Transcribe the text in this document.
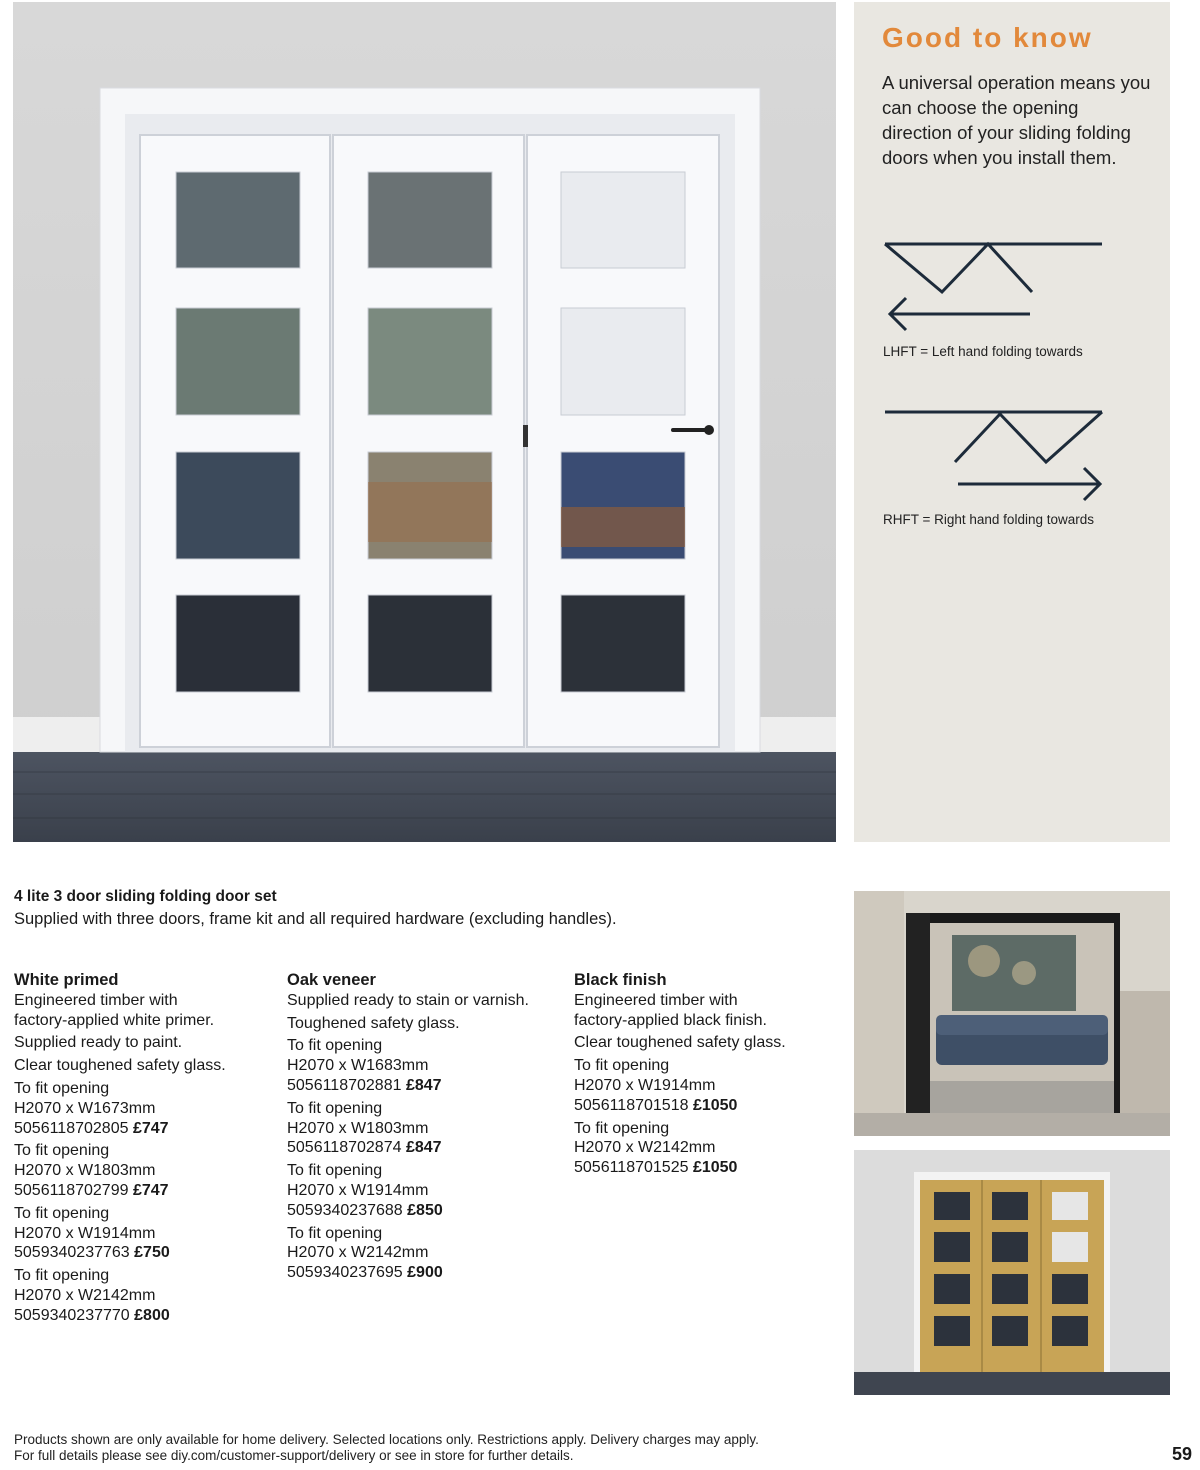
Good to know

A universal operation means you can choose the opening direction of your sliding folding doors when you install them.

LHFT = Left hand folding towards
RHFT = Right hand folding towards
4 lite 3 door sliding folding door set

Supplied with three doors, frame kit and all required hardware (excluding handles).

White primed
Engineered timber with
factory-applied white primer.
Supplied ready to paint.
Clear toughened safety glass.
To fit opening
H2070 x W1673mm
5056118702805 £747
To fit opening
H2070 x W1803mm
5056118702799 £747
To fit opening
H2070 x W1914mm
5059340237763 £750
To fit opening
H2070 x W2142mm
5059340237770 £800
Oak veneer
Supplied ready to stain or varnish.
Toughened safety glass.
To fit opening
H2070 x W1683mm
5056118702881 £847
To fit opening
H2070 x W1803mm
5056118702874 £847
To fit opening
H2070 x W1914mm
5059340237688 £850
To fit opening
H2070 x W2142mm
5059340237695 £900
Black finish
Engineered timber with
factory-applied black finish.
Clear toughened safety glass.
To fit opening
H2070 x W1914mm
5056118701518 £1050
To fit opening
H2070 x W2142mm
5056118701525 £1050
Products shown are only available for home delivery. Selected locations only. Restrictions apply. Delivery charges may apply.
For full details please see diy.com/customer-support/delivery or see in store for further details.	59
